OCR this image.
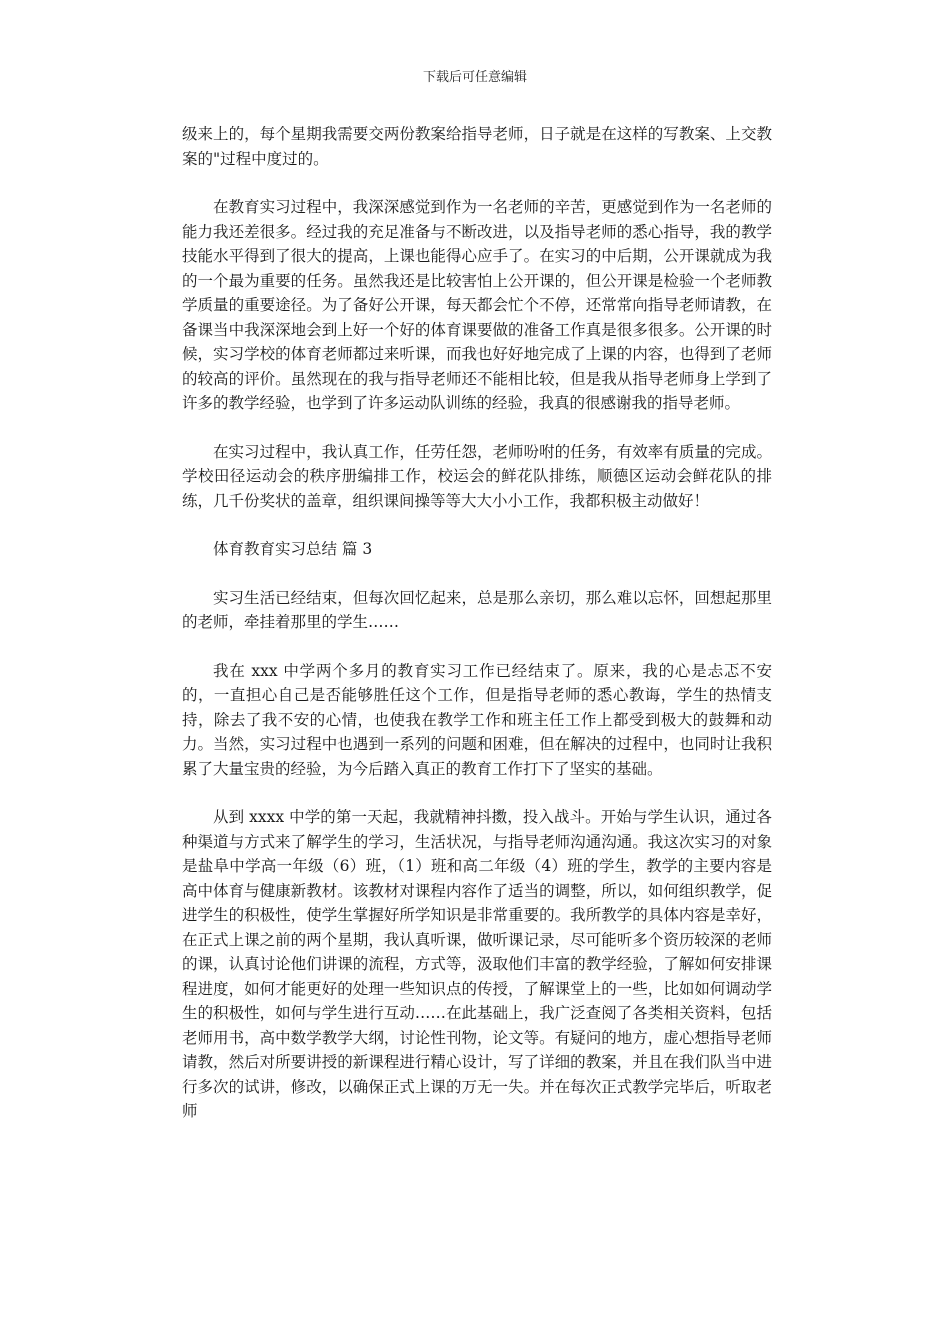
下载后可任意编辑

级来上的，每个星期我需要交两份教案给指导老师，日子就是在这样的写教案、上交教案的"过程中度过的。

在教育实习过程中，我深深感觉到作为一名老师的辛苦，更感觉到作为一名老师的能力我还差很多。经过我的充足准备与不断改进，以及指导老师的悉心指导，我的教学技能水平得到了很大的提高，上课也能得心应手了。在实习的中后期，公开课就成为我的一个最为重要的任务。虽然我还是比较害怕上公开课的，但公开课是检验一个老师教学质量的重要途径。为了备好公开课，每天都会忙个不停，还常常向指导老师请教，在备课当中我深深地会到上好一个好的体育课要做的准备工作真是很多很多。公开课的时候，实习学校的体育老师都过来听课，而我也好好地完成了上课的内容，也得到了老师的较高的评价。虽然现在的我与指导老师还不能相比较，但是我从指导老师身上学到了许多的教学经验，也学到了许多运动队训练的经验，我真的很感谢我的指导老师。

在实习过程中，我认真工作，任劳任怨，老师吩咐的任务，有效率有质量的完成。学校田径运动会的秩序册编排工作，校运会的鲜花队排练，顺德区运动会鲜花队的排练，几千份奖状的盖章，组织课间操等等大大小小工作，我都积极主动做好！

体育教育实习总结 篇 3

实习生活已经结束，但每次回忆起来，总是那么亲切，那么难以忘怀，回想起那里的老师，牵挂着那里的学生……

我在 xxx 中学两个多月的教育实习工作已经结束了。原来，我的心是忐忑不安的，一直担心自己是否能够胜任这个工作，但是指导老师的悉心教诲，学生的热情支持，除去了我不安的心情，也使我在教学工作和班主任工作上都受到极大的鼓舞和动力。当然，实习过程中也遇到一系列的问题和困难，但在解决的过程中，也同时让我积累了大量宝贵的经验，为今后踏入真正的教育工作打下了坚实的基础。

从到 xxxx 中学的第一天起，我就精神抖擞，投入战斗。开始与学生认识，通过各种渠道与方式来了解学生的学习，生活状况，与指导老师沟通沟通。我这次实习的对象是盐阜中学高一年级（6）班，（1）班和高二年级（4）班的学生，教学的主要内容是高中体育与健康新教材。该教材对课程内容作了适当的调整，所以，如何组织教学，促进学生的积极性，使学生掌握好所学知识是非常重要的。我所教学的具体内容是幸好，在正式上课之前的两个星期，我认真听课，做听课记录，尽可能听多个资历较深的老师的课，认真讨论他们讲课的流程，方式等，汲取他们丰富的教学经验，了解如何安排课程进度，如何才能更好的处理一些知识点的传授，了解课堂上的一些，比如如何调动学生的积极性，如何与学生进行互动……在此基础上，我广泛查阅了各类相关资料，包括老师用书，高中数学教学大纲，讨论性刊物，论文等。有疑问的地方，虚心想指导老师请教，然后对所要讲授的新课程进行精心设计，写了详细的教案，并且在我们队当中进行多次的试讲，修改，以确保正式上课的万无一失。并在每次正式教学完毕后，听取老师
